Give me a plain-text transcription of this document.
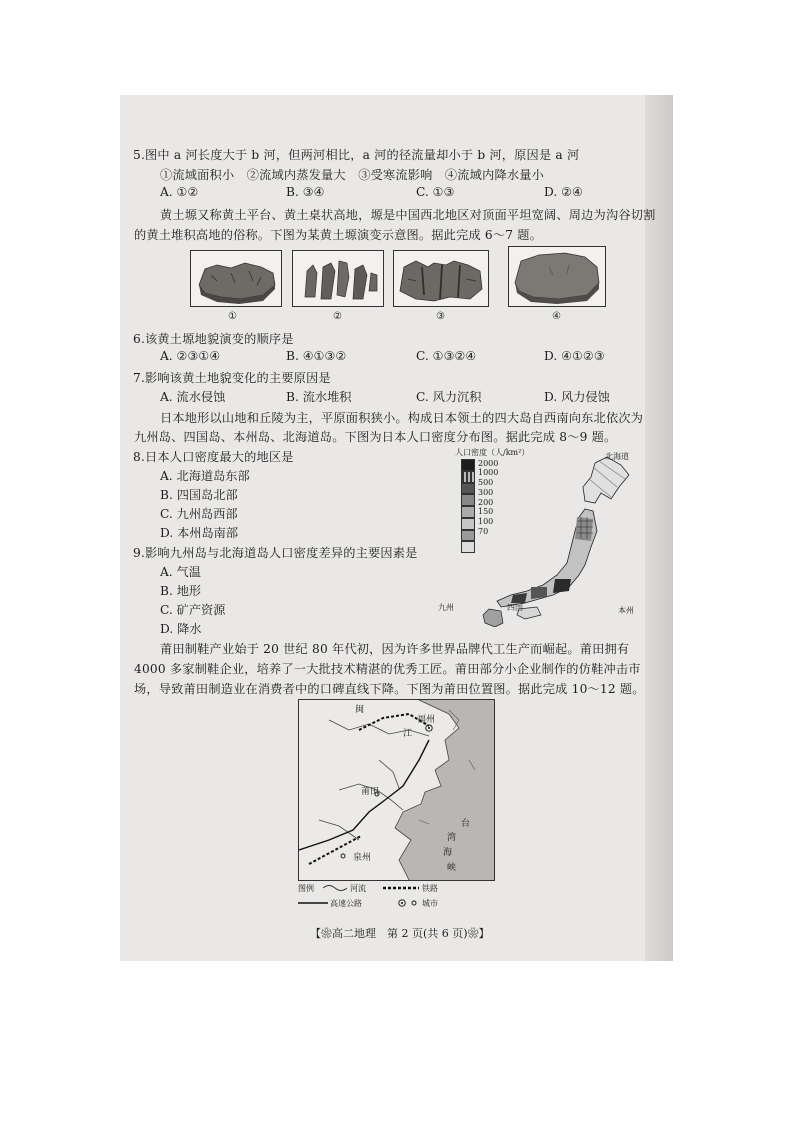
5.图中 a 河长度大于 b 河，但两河相比，a 河的径流量却小于 b 河，原因是 a 河
①流域面积小　②流域内蒸发量大　③受寒流影响　④流域内降水量小
A. ①②	B. ③④	C. ①③	D. ②④
黄土塬又称黄土平台、黄土桌状高地，塬是中国西北地区对顶面平坦宽阔、周边为沟谷切割
的黄土堆积高地的俗称。下图为某黄土塬演变示意图。据此完成 6～7 题。
①	②	③	④
6.该黄土塬地貌演变的顺序是
A. ②③①④	B. ④①③②	C. ①③②④	D. ④①②③
7.影响该黄土地貌变化的主要原因是
A. 流水侵蚀	B. 流水堆积	C. 风力沉积	D. 风力侵蚀
日本地形以山地和丘陵为主，平原面积狭小。构成日本领土的四大岛自西南向东北依次为
九州岛、四国岛、本州岛、北海道岛。下图为日本人口密度分布图。据此完成 8～9 题。
8.日本人口密度最大的地区是
A. 北海道岛东部
B. 四国岛北部
C. 九州岛西部
D. 本州岛南部
9.影响九州岛与北海道岛人口密度差异的主要因素是
A. 气温
B. 地形
C. 矿产资源
D. 降水
人口密度（人/km²）
2000
1000
500
300
200
150
100
70
北海道
本州
九州	四国
莆田制鞋产业始于 20 世纪 80 年代初，因为许多世界品牌代工生产而崛起。莆田拥有
4000 多家制鞋企业，培养了一大批技术精湛的优秀工匠。莆田部分小企业制作的仿鞋冲击市
场，导致莆田制造业在消费者中的口碑直线下降。下图为莆田位置图。据此完成 10～12 题。
闽
福州
江
莆田
泉州
台
湾
海
峡
图例	河流	铁路
高速公路	城市
【❀高二地理　第 2 页(共 6 页)❀】
